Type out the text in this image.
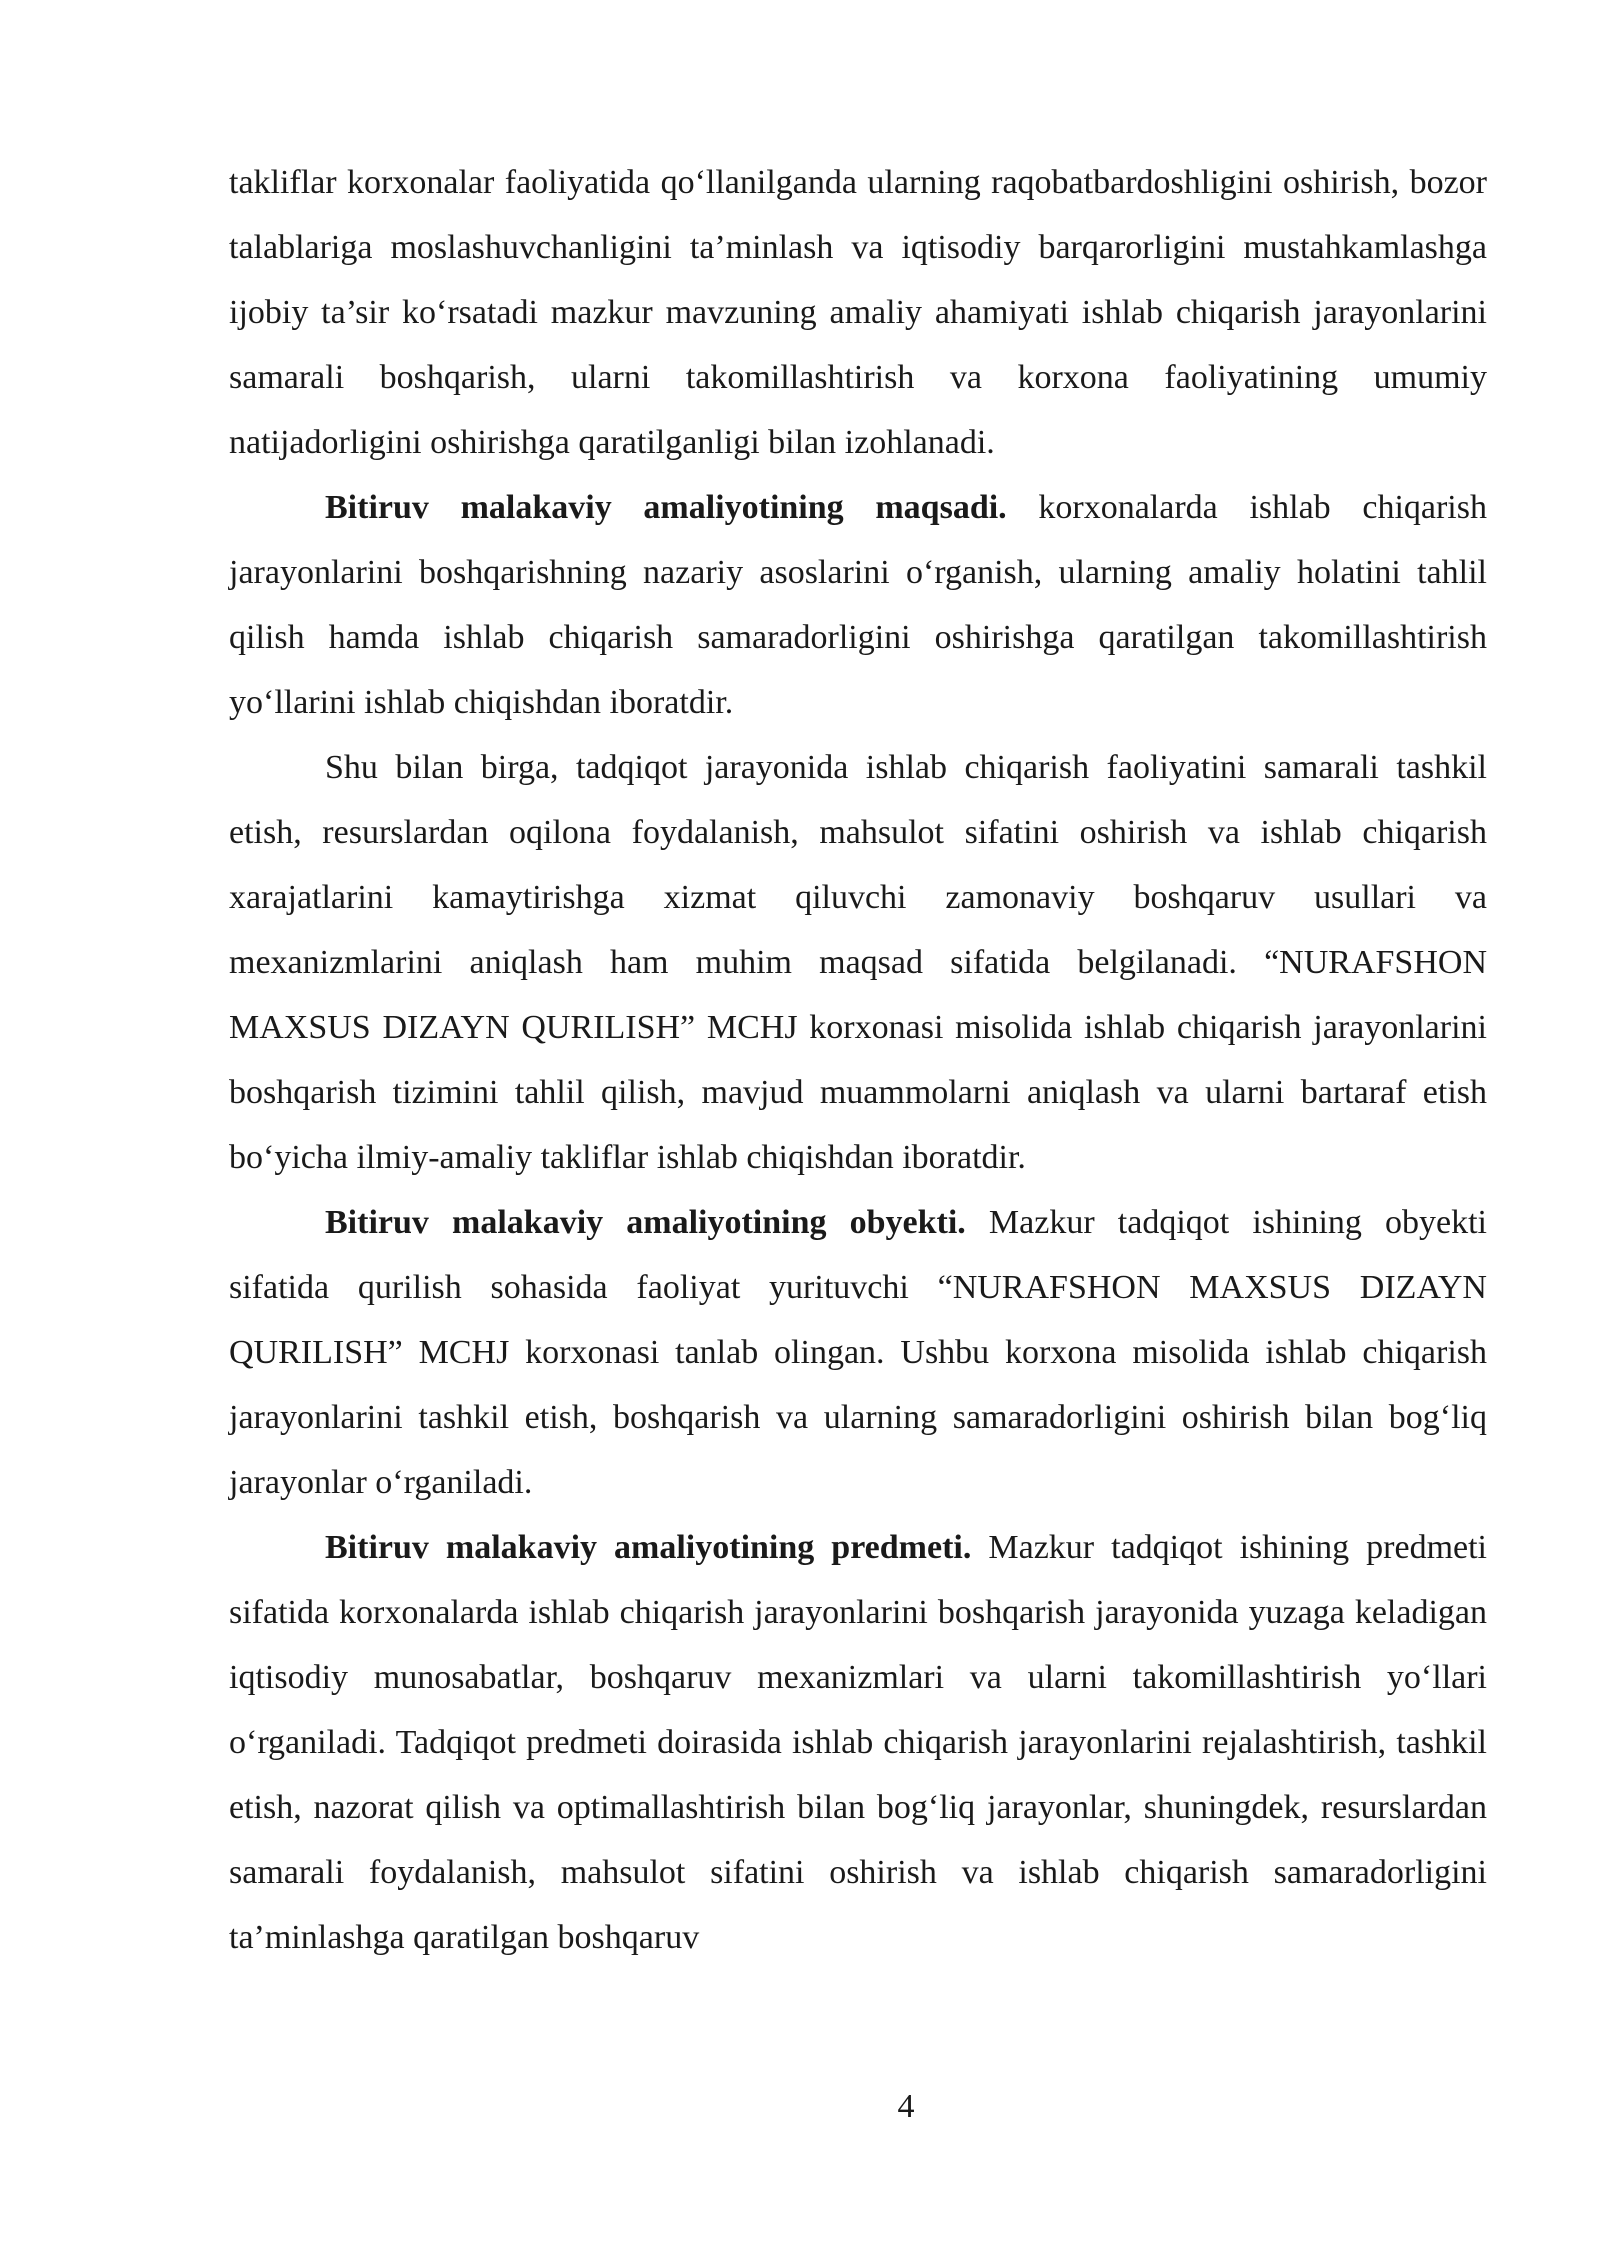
takliflar korxonalar faoliyatida qo‘llanilganda ularning raqobatbardoshligini oshirish, bozor talablariga moslashuvchanligini ta’minlash va iqtisodiy barqarorligini mustahkamlashga ijobiy ta’sir ko‘rsatadi mazkur mavzuning amaliy ahamiyati ishlab chiqarish jarayonlarini samarali boshqarish, ularni takomillashtirish va korxona faoliyatining umumiy natijadorligini oshirishga qaratilganligi bilan izohlanadi.

Bitiruv malakaviy amaliyotining maqsadi. korxonalarda ishlab chiqarish jarayonlarini boshqarishning nazariy asoslarini o‘rganish, ularning amaliy holatini tahlil qilish hamda ishlab chiqarish samaradorligini oshirishga qaratilgan takomillashtirish yo‘llarini ishlab chiqishdan iboratdir.

Shu bilan birga, tadqiqot jarayonida ishlab chiqarish faoliyatini samarali tashkil etish, resurslardan oqilona foydalanish, mahsulot sifatini oshirish va ishlab chiqarish xarajatlarini kamaytirishga xizmat qiluvchi zamonaviy boshqaruv usullari va mexanizmlarini aniqlash ham muhim maqsad sifatida belgilanadi. “NURAFSHON MAXSUS DIZAYN QURILISH” MCHJ korxonasi misolida ishlab chiqarish jarayonlarini boshqarish tizimini tahlil qilish, mavjud muammolarni aniqlash va ularni bartaraf etish bo‘yicha ilmiy-amaliy takliflar ishlab chiqishdan iboratdir.

Bitiruv malakaviy amaliyotining obyekti. Mazkur tadqiqot ishining obyekti sifatida qurilish sohasida faoliyat yurituvchi “NURAFSHON MAXSUS DIZAYN QURILISH” MCHJ korxonasi tanlab olingan. Ushbu korxona misolida ishlab chiqarish jarayonlarini tashkil etish, boshqarish va ularning samaradorligini oshirish bilan bog‘liq jarayonlar o‘rganiladi.

Bitiruv malakaviy amaliyotining predmeti. Mazkur tadqiqot ishining predmeti sifatida korxonalarda ishlab chiqarish jarayonlarini boshqarish jarayonida yuzaga keladigan iqtisodiy munosabatlar, boshqaruv mexanizmlari va ularni takomillashtirish yo‘llari o‘rganiladi. Tadqiqot predmeti doirasida ishlab chiqarish jarayonlarini rejalashtirish, tashkil etish, nazorat qilish va optimallashtirish bilan bog‘liq jarayonlar, shuningdek, resurslardan samarali foydalanish, mahsulot sifatini oshirish va ishlab chiqarish samaradorligini ta’minlashga qaratilgan boshqaruv

4
